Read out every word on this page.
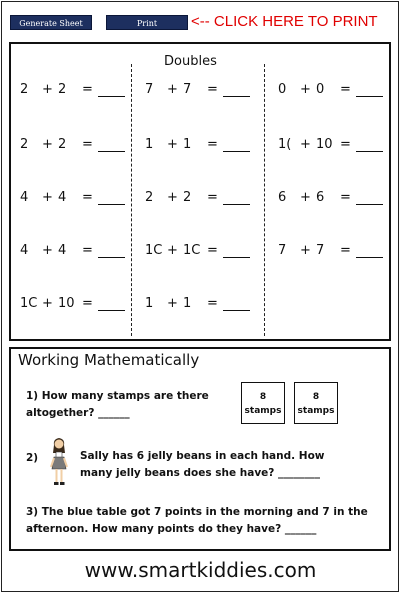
Generate Sheet	Print	<-- CLICK HERE TO PRINT
Doubles
2 + 2 =	7 + 7 =	0 + 0 =
2 + 2 =	1 + 1 =	1( + 10 =
4 + 4 =	2 + 2 =	6 + 6 =
4 + 4 =	1C + 1C =	7 + 7 =
1C + 10 =	1 + 1 =
Working Mathematically
1) How many stamps are there
altogether? ______
8
stamps
8
stamps
2)	Sally has 6 jelly beans in each hand. How
many jelly beans does she have? ________
3) The blue table got 7 points in the morning and 7 in the
afternoon. How many points do they have? ______
www.smartkiddies.com
